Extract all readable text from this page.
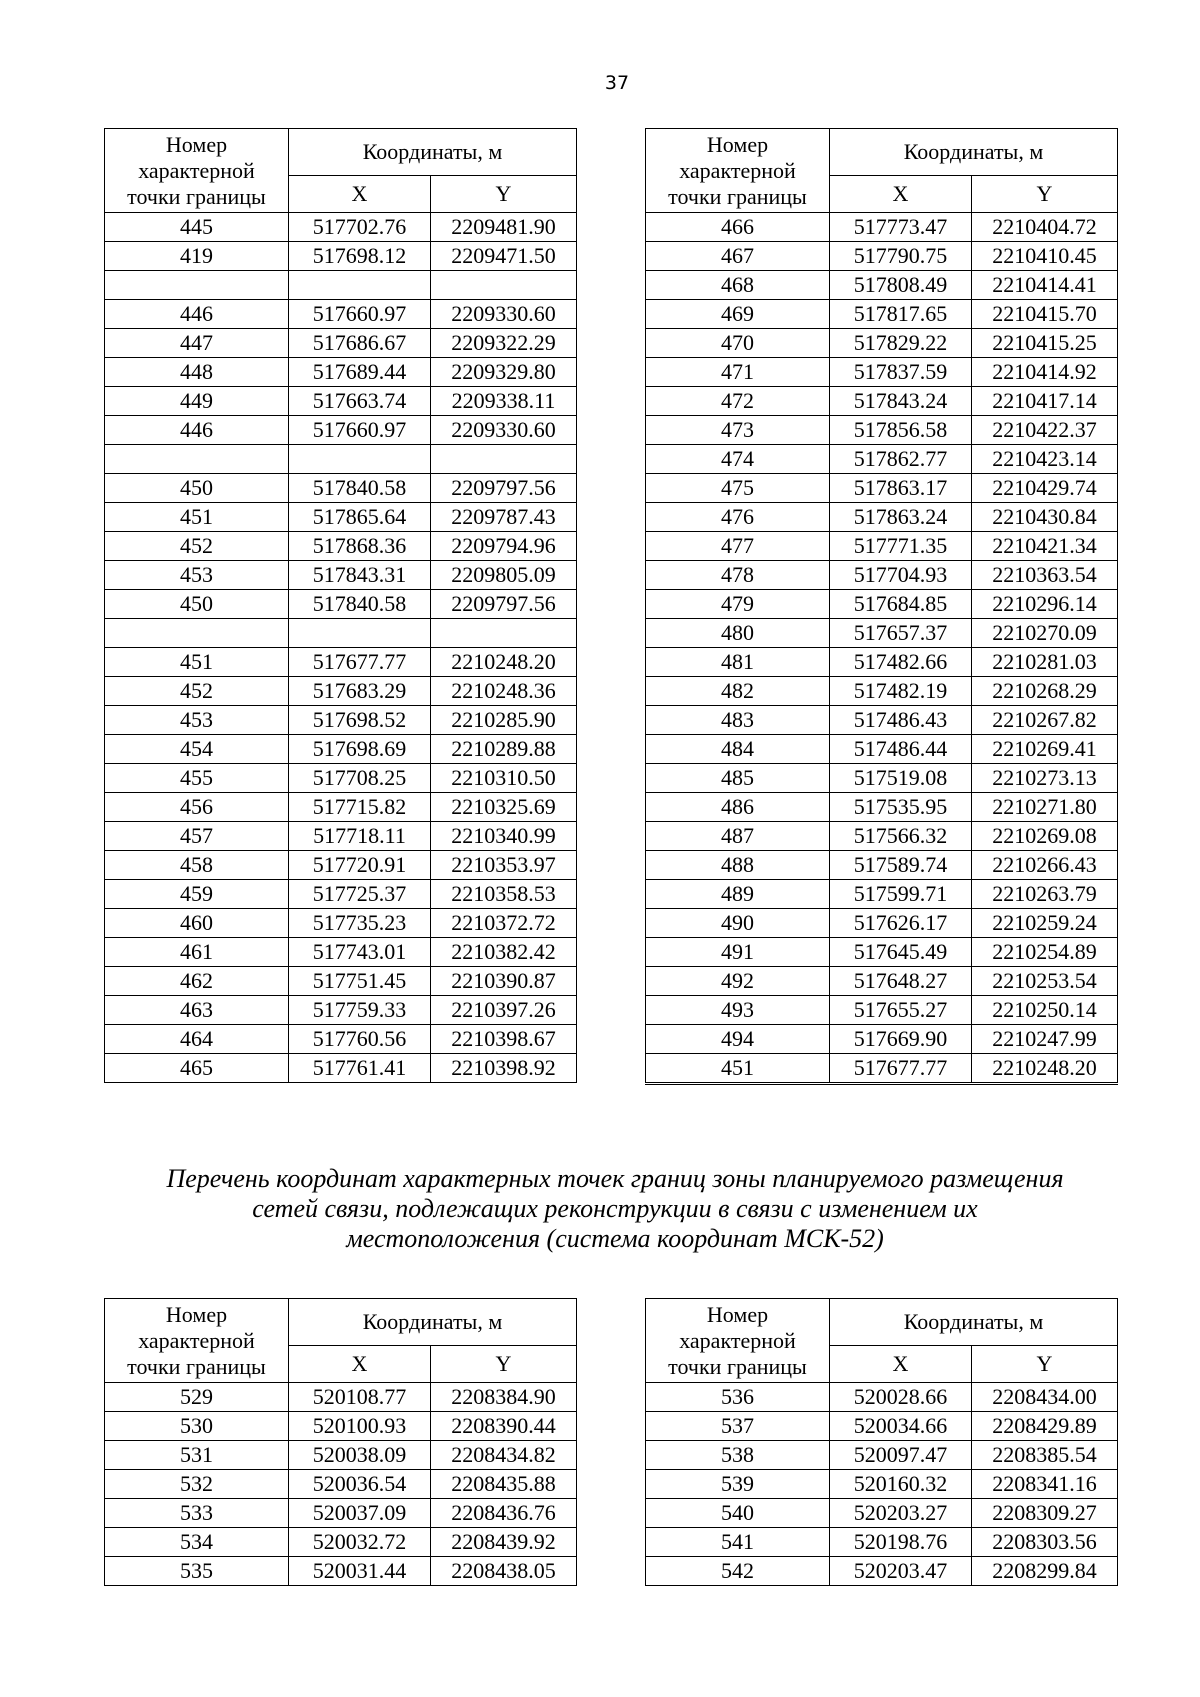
37
Номер
характерной
точки границы	Координаты, м	
	X	Y
445	517702.76	2209481.90
419	517698.12	2209471.50

446	517660.97	2209330.60
447	517686.67	2209322.29
448	517689.44	2209329.80
449	517663.74	2209338.11
446	517660.97	2209330.60

450	517840.58	2209797.56
451	517865.64	2209787.43
452	517868.36	2209794.96
453	517843.31	2209805.09
450	517840.58	2209797.56

451	517677.77	2210248.20
452	517683.29	2210248.36
453	517698.52	2210285.90
454	517698.69	2210289.88
455	517708.25	2210310.50
456	517715.82	2210325.69
457	517718.11	2210340.99
458	517720.91	2210353.97
459	517725.37	2210358.53
460	517735.23	2210372.72
461	517743.01	2210382.42
462	517751.45	2210390.87
463	517759.33	2210397.26
464	517760.56	2210398.67
465	517761.41	2210398.92
Номер
характерной
точки границы	Координаты, м	
	X	Y
466	517773.47	2210404.72
467	517790.75	2210410.45
468	517808.49	2210414.41
469	517817.65	2210415.70
470	517829.22	2210415.25
471	517837.59	2210414.92
472	517843.24	2210417.14
473	517856.58	2210422.37
474	517862.77	2210423.14
475	517863.17	2210429.74
476	517863.24	2210430.84
477	517771.35	2210421.34
478	517704.93	2210363.54
479	517684.85	2210296.14
480	517657.37	2210270.09
481	517482.66	2210281.03
482	517482.19	2210268.29
483	517486.43	2210267.82
484	517486.44	2210269.41
485	517519.08	2210273.13
486	517535.95	2210271.80
487	517566.32	2210269.08
488	517589.74	2210266.43
489	517599.71	2210263.79
490	517626.17	2210259.24
491	517645.49	2210254.89
492	517648.27	2210253.54
493	517655.27	2210250.14
494	517669.90	2210247.99
451	517677.77	2210248.20
Перечень координат характерных точек границ зоны планируемого размещения
сетей связи, подлежащих реконструкции в связи с изменением их
местоположения (система координат МСК-52)
Номер
характерной
точки границы	Координаты, м	
	X	Y
529	520108.77	2208384.90
530	520100.93	2208390.44
531	520038.09	2208434.82
532	520036.54	2208435.88
533	520037.09	2208436.76
534	520032.72	2208439.92
535	520031.44	2208438.05
Номер
характерной
точки границы	Координаты, м	
	X	Y
536	520028.66	2208434.00
537	520034.66	2208429.89
538	520097.47	2208385.54
539	520160.32	2208341.16
540	520203.27	2208309.27
541	520198.76	2208303.56
542	520203.47	2208299.84
